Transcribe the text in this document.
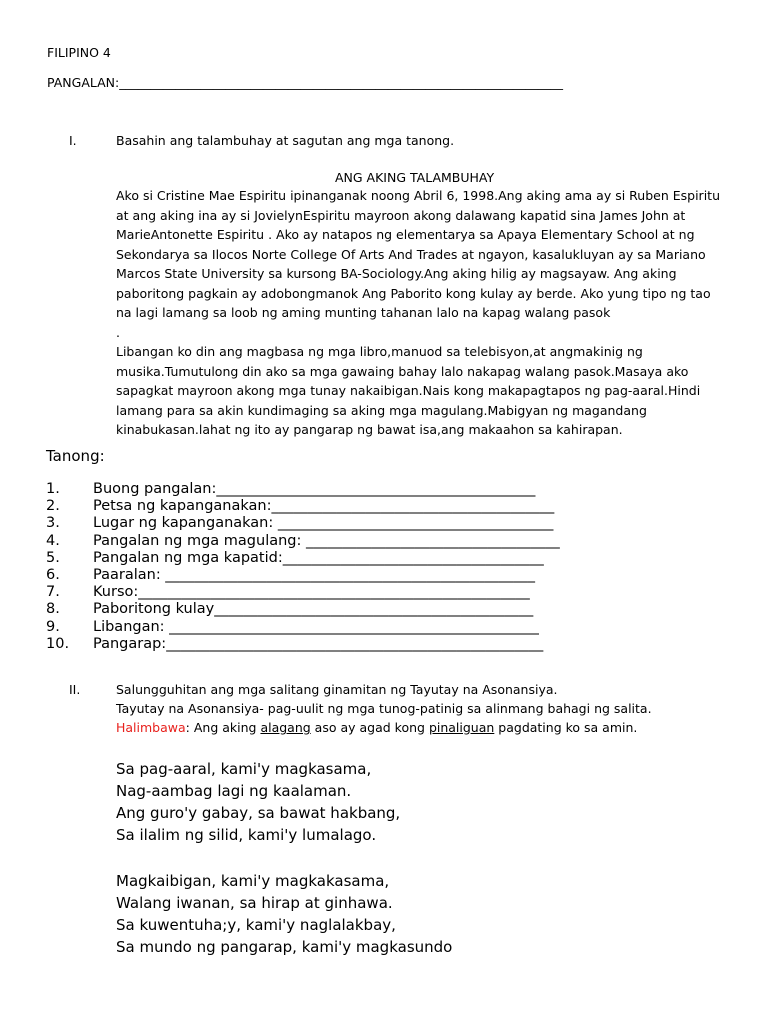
FILIPINO 4
PANGALAN:_______________________________________________________________________
I.	Basahin ang talambuhay at sagutan ang mga tanong.
ANG AKING TALAMBUHAY

Ako si Cristine Mae Espiritu ipinanganak noong Abril 6, 1998.Ang aking ama ay si Ruben Espiritu

at ang aking ina ay si JovielynEspiritu mayroon akong dalawang kapatid sina James John at

MarieAntonette Espiritu . Ako ay natapos ng elementarya sa Apaya Elementary School at ng

Sekondarya sa Ilocos Norte College Of Arts And Trades at ngayon, kasalukluyan ay sa Mariano

Marcos State University sa kursong BA-Sociology.Ang aking hilig ay magsayaw. Ang aking

paboritong pagkain ay adobongmanok Ang Paborito kong kulay ay berde. Ako yung tipo ng tao

na lagi lamang sa loob ng aming munting tahanan lalo na kapag walang pasok

.

Libangan ko din ang magbasa ng mga libro,manuod sa telebisyon,at angmakinig ng

musika.Tumutulong din ako sa mga gawaing bahay lalo nakapag walang pasok.Masaya ako

sapagkat mayroon akong mga tunay nakaibigan.Nais kong makapagtapos ng pag-aaral.Hindi

lamang para sa akin kundimaging sa aking mga magulang.Mabigyan ng magandang

kinabukasan.lahat ng ito ay pangarap ng bawat isa,ang makaahon sa kahirapan.

Tanong:
1. Buong pangalan:____________________________________________
2. Petsa ng kapanganakan:_______________________________________
3. Lugar ng kapanganakan: ______________________________________
4. Pangalan ng mga magulang: ___________________________________
5. Pangalan ng mga kapatid:____________________________________
6. Paaralan: ___________________________________________________
7. Kurso:______________________________________________________
8. Paboritong kulay____________________________________________
9. Libangan: ___________________________________________________
10. Pangarap:____________________________________________________
II.	Salungguhitan ang mga salitang ginamitan ng Tayutay na Asonansiya.
Tayutay na Asonansiya- pag-uulit ng mga tunog-patinig sa alinmang bahagi ng salita.
Halimbawa: Ang aking alagang aso ay agad kong pinaliguan pagdating ko sa amin.
Sa pag-aaral, kami'y magkasama,
Nag-aambag lagi ng kaalaman.
Ang guro'y gabay, sa bawat hakbang,
Sa ilalim ng silid, kami'y lumalago.
Magkaibigan, kami'y magkakasama,
Walang iwanan, sa hirap at ginhawa.
Sa kuwentuha;y, kami'y naglalakbay,
Sa mundo ng pangarap, kami'y magkasundo
